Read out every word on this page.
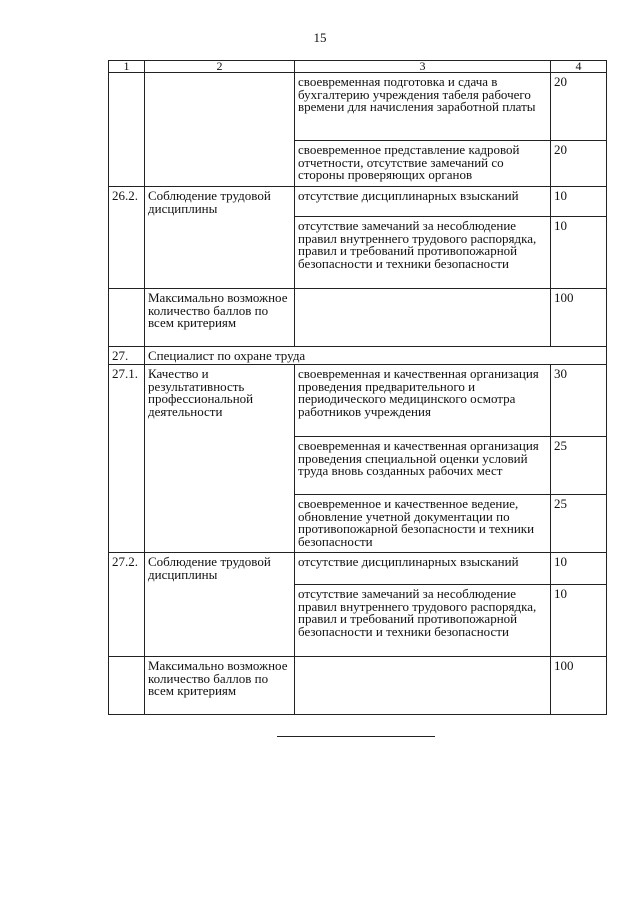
15
1	2	3	4
		своевременная подготовка и сдача в бухгалтерию учреждения табеля рабочего времени для начисления заработной платы	20
		своевременное представление кадровой отчетности, отсутствие замечаний со стороны проверяющих органов	20
26.2.	Соблюдение трудовой дисциплины	отсутствие дисциплинарных взысканий	10
		отсутствие замечаний за несоблюдение правил внутреннего трудового распорядка, правил и требований противопожарной безопасности и техники безопасности	10
	Максимально возможное количество баллов по всем критериям		100
27.	Специалист по охране труда		
27.1.	Качество и результативность профессиональной деятельности	своевременная и качественная организация проведения предварительного и периодического медицинского осмотра работников учреждения	30
		своевременная и качественная организация проведения специальной оценки условий труда вновь созданных рабочих мест	25
		своевременное и качественное ведение, обновление учетной документации по противопожарной безопасности и техники безопасности	25
27.2.	Соблюдение трудовой дисциплины	отсутствие дисциплинарных взысканий	10
		отсутствие замечаний за несоблюдение правил внутреннего трудового распорядка, правил и требований противопожарной безопасности и техники безопасности	10
	Максимально возможное количество баллов по всем критериям		100
